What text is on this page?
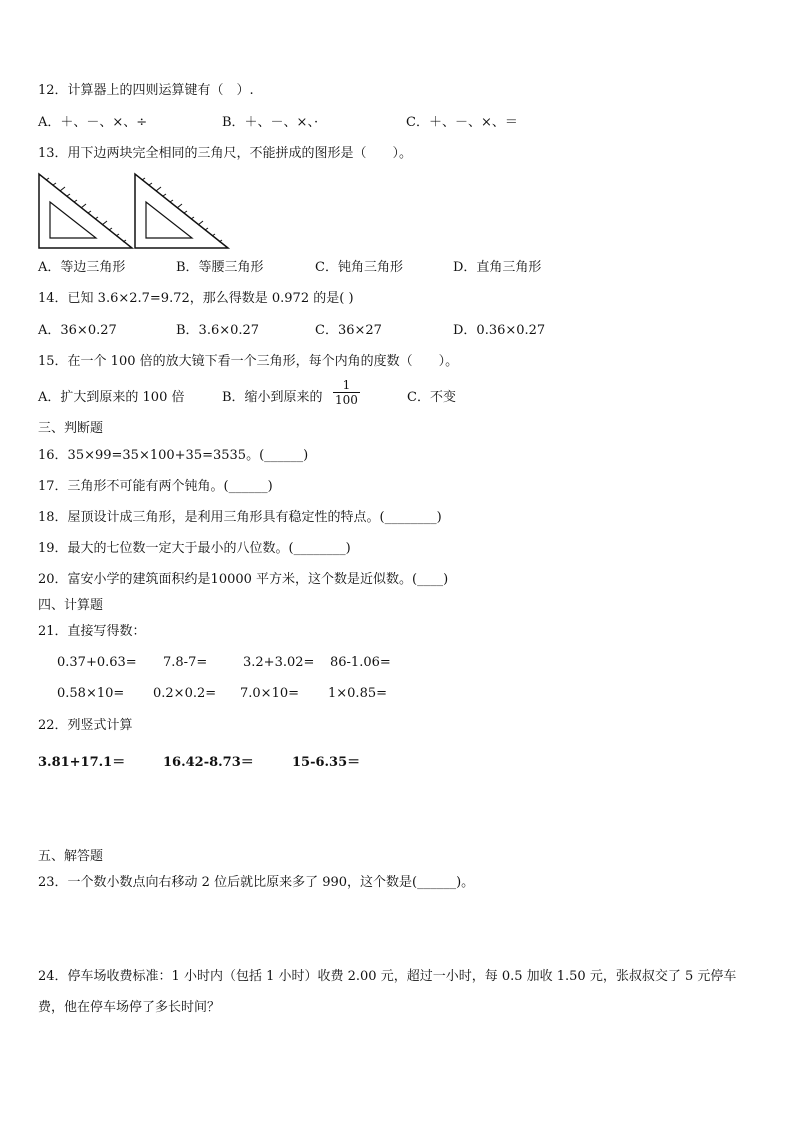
12．计算器上的四则运算键有（　）.
A．＋、－、×、÷	B．＋、－、×、·	C．＋、－、×、＝
13．用下边两块完全相同的三角尺，不能拼成的图形是（　　）。
A．等边三角形	B．等腰三角形	C．钝角三角形	D．直角三角形
14．已知 3.6×2.7=9.72，那么得数是 0.972 的是( )
A．36×0.27	B．3.6×0.27	C．36×27	D．0.36×0.27
15．在一个 100 倍的放大镜下看一个三角形，每个内角的度数（　　）。
A．扩大到原来的 100 倍	B．缩小到原来的 $\frac{1}{100}$	C．不变
三、判断题
16．35×99=35×100+35=3535。(______)
17．三角形不可能有两个钝角。(______)
18．屋顶设计成三角形，是利用三角形具有稳定性的特点。(________)
19．最大的七位数一定大于最小的八位数。(________)
20．富安小学的建筑面积约是10000 平方米，这个数是近似数。(____)
四、计算题
21．直接写得数：
0.37+0.63= 7.8-7=	3.2+3.02= 86-1.06=
0.58×10= 0.2×0.2= 7.0×10= 1×0.85=
22．列竖式计算
3.81+17.1＝	16.42-8.73＝	15-6.35＝
五、解答题
23．一个数小数点向右移动 2 位后就比原来多了 990，这个数是(______)。
24．停车场收费标准：1 小时内（包括 1 小时）收费 2.00 元，超过一小时，每 0.5 加收 1.50 元，张叔叔交了 5 元停车
费，他在停车场停了多长时间？
